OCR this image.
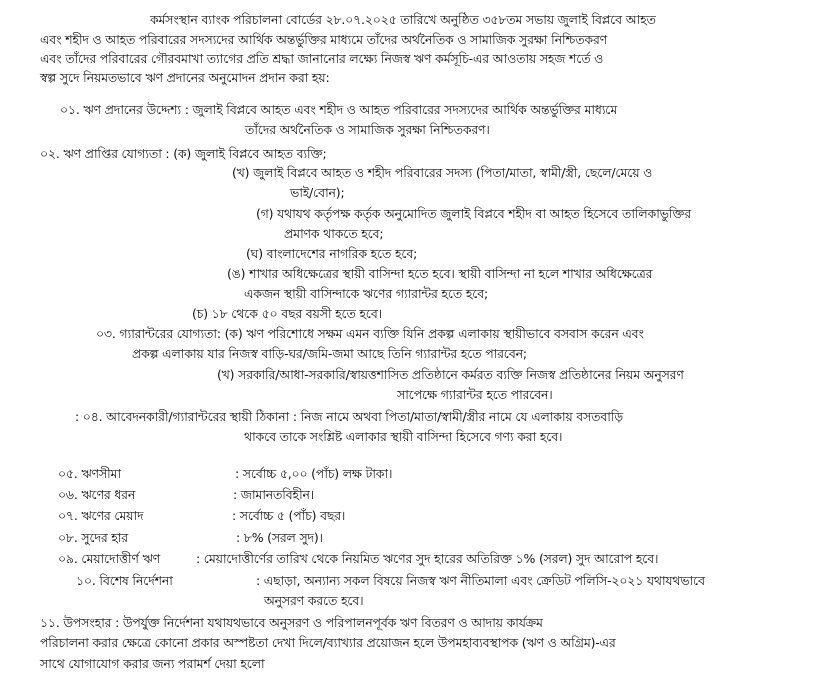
কর্মসংস্থান ব্যাংক পরিচালনা বোর্ডের ২৮.০৭.২০২৫ তারিখে অনুষ্ঠিত ৩৫৮তম সভায় জুলাই বিপ্লবে আহত
এবং শহীদ ও আহত পরিবারের সদস্যদের আর্থিক অন্তর্ভুক্তির মাধ্যমে তাঁদের অর্থনৈতিক ও সামাজিক সুরক্ষা নিশ্চিতকরণ
এবং তাঁদের পরিবারের গৌরবমাখা ত্যাগের প্রতি শ্রদ্ধা জানানোর লক্ষ্যে নিজস্ব ঋণ কর্মসূচি-এর আওতায় সহজ শর্তে ও
স্বল্প সুদে নিয়মতভাবে ঋণ প্রদানের অনুমোদন প্রদান করা হয়:
০১. ঋণ প্রদানের উদ্দেশ্য : জুলাই বিপ্লবে আহত এবং শহীদ ও আহত পরিবারের সদস্যদের আর্থিক অন্তর্ভুক্তির মাধ্যমে
তাঁদের অর্থনৈতিক ও সামাজিক সুরক্ষা নিশ্চিতকরণ।
০২. ঋণ প্রাপ্তির যোগ্যতা : (ক) জুলাই বিপ্লবে আহত ব্যক্তি;
(খ) জুলাই বিপ্লবে আহত ও শহীদ পরিবারের সদস্য (পিতা/মাতা, স্বামী/স্ত্রী, ছেলে/মেয়ে ও
ভাই/বোন);
(গ) যথাযথ কর্তৃপক্ষ কর্তৃক অনুমোদিত জুলাই বিপ্লবে শহীদ বা আহত হিসেবে তালিকাভুক্তির
প্রমাণক থাকতে হবে;
(ঘ) বাংলাদেশের নাগরিক হতে হবে;
(ঙ) শাখার অধিক্ষেত্রের স্থায়ী বাসিন্দা হতে হবে। স্থায়ী বাসিন্দা না হলে শাখার অধিক্ষেত্রের
একজন স্থায়ী বাসিন্দাকে ঋণের গ্যারান্টর হতে হবে;
(চ) ১৮ থেকে ৫০ বছর বয়সী হতে হবে।
০৩. গ্যারান্টরের যোগ্যতা: (ক) ঋণ পরিশোধে সক্ষম এমন ব্যক্তি যিনি প্রকল্প এলাকায় স্থায়ীভাবে বসবাস করেন এবং
প্রকল্প এলাকায় যার নিজস্ব বাড়ি-ঘর/জমি-জমা আছে তিনি গ্যারান্টর হতে পারবেন;
(খ) সরকারি/আধা-সরকারি/স্বায়ত্তশাসিত প্রতিষ্ঠানে কর্মরত ব্যক্তি নিজস্ব প্রতিষ্ঠানের নিয়ম অনুসরণ
সাপেক্ষে গ্যারান্টর হতে পারবেন।
: ০৪. আবেদনকারী/গ্যারান্টরের স্থায়ী ঠিকানা : নিজ নামে অথবা পিতা/মাতা/স্বামী/স্ত্রীর নামে যে এলাকায় বসতবাড়ি
থাকবে তাকে সংশ্লিষ্ট এলাকার স্থায়ী বাসিন্দা হিসেবে গণ্য করা হবে।
০৫. ঋণসীমা	: সর্বোচ্চ ৫,০০ (পাঁচ) লক্ষ টাকা।
০৬. ঋণের ধরন	: জামানতবিহীন।
০৭. ঋণের মেয়াদ	: সর্বোচ্চ ৫ (পাঁচ) বছর।
০৮. সুদের হার	: ৮% (সরল সুদ)।
০৯. মেয়াদোত্তীর্ণ ঋণ	: মেয়াদোত্তীর্ণের তারিখ থেকে নিয়মিত ঋণের সুদ হারের অতিরিক্ত ১% (সরল) সুদ আরোপ হবে।
১০. বিশেষ নির্দেশনা	: এছাড়া, অন্যান্য সকল বিষয়ে নিজস্ব ঋণ নীতিমালা এবং ক্রেডিট পলিসি-২০২১ যথাযথভাবে
অনুসরণ করতে হবে।
১১. উপসংহার : উপর্যুক্ত নির্দেশনা যথাযথভাবে অনুসরণ ও পরিপালনপূর্বক ঋণ বিতরণ ও আদায় কার্যক্রম
পরিচালনা করার ক্ষেত্রে কোনো প্রকার অস্পষ্টতা দেখা দিলে/ব্যাখ্যার প্রয়োজন হলে উপমহাব্যবস্থাপক (ঋণ ও অগ্রিম)-এর
সাথে যোগাযোগ করার জন্য পরামর্শ দেয়া হলো
